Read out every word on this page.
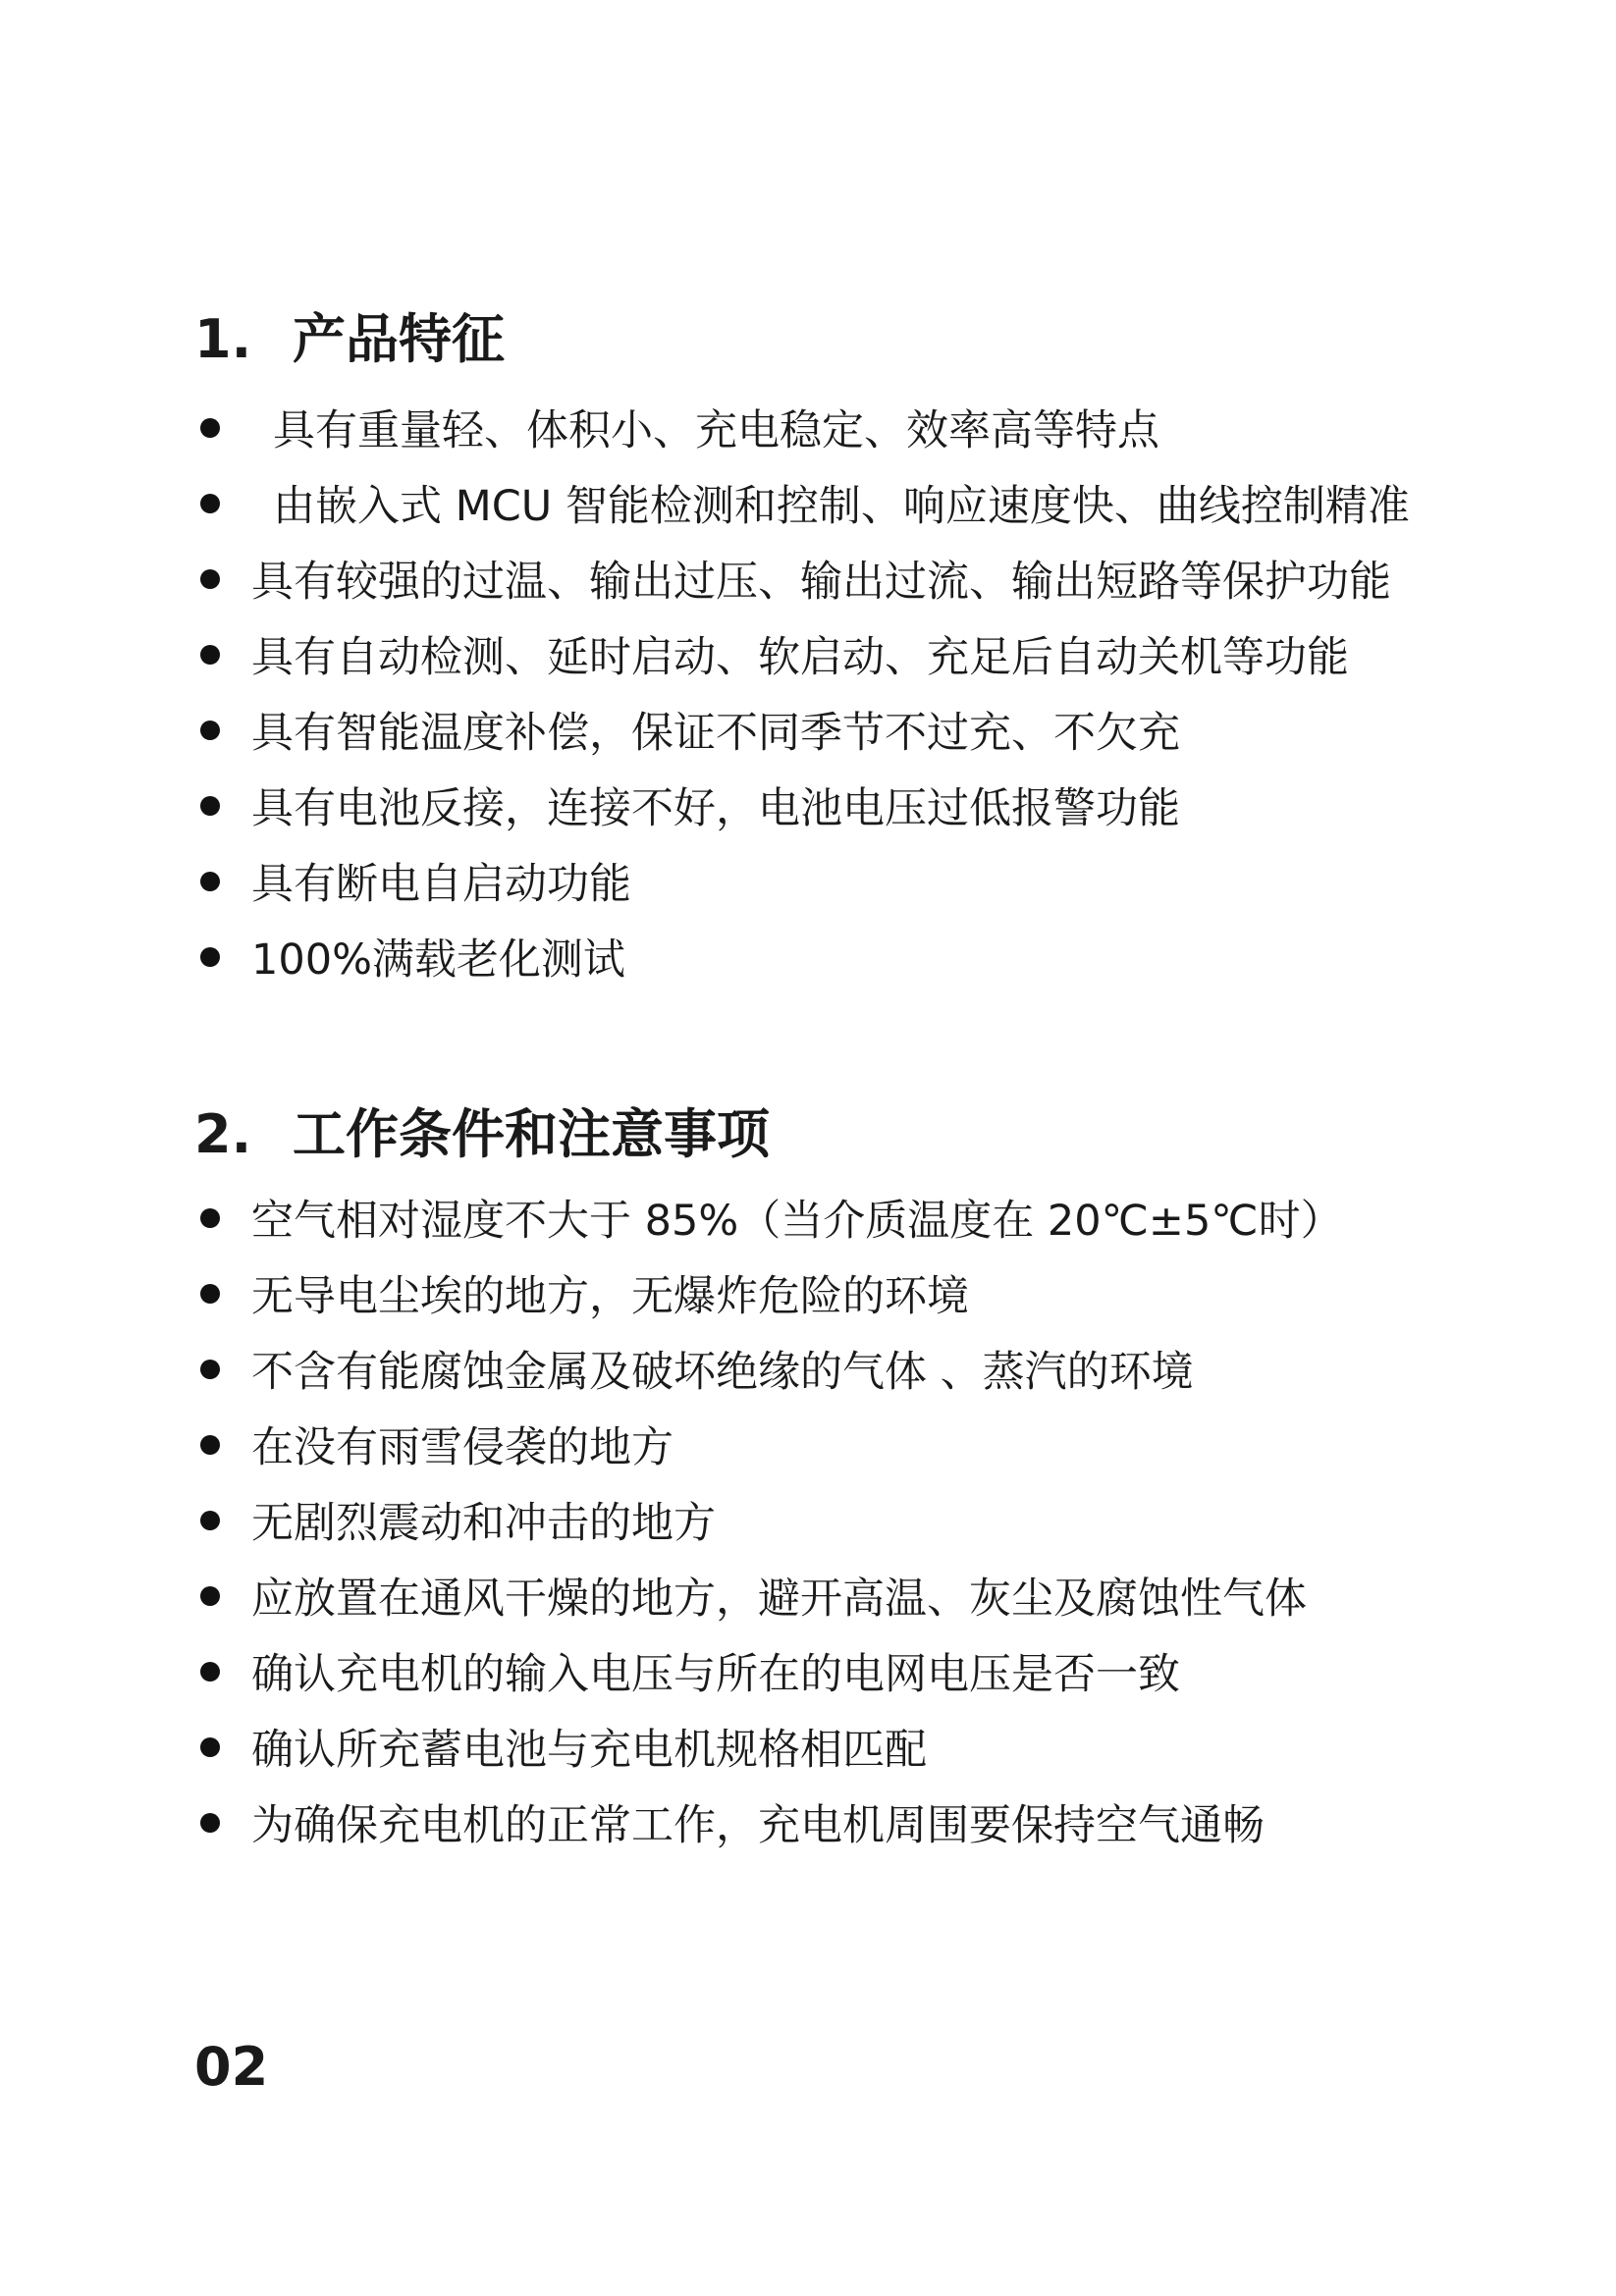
1. 产品特征
具有重量轻、体积小、充电稳定、效率高等特点
由嵌入式 MCU 智能检测和控制、响应速度快、曲线控制精准
具有较强的过温、输出过压、输出过流、输出短路等保护功能
具有自动检测、延时启动、软启动、充足后自动关机等功能
具有智能温度补偿，保证不同季节不过充、不欠充
具有电池反接，连接不好，电池电压过低报警功能
具有断电自启动功能
100%满载老化测试
2. 工作条件和注意事项
空气相对湿度不大于 85%（当介质温度在 20℃±5℃时）
无导电尘埃的地方，无爆炸危险的环境
不含有能腐蚀金属及破坏绝缘的气体 、蒸汽的环境
在没有雨雪侵袭的地方
无剧烈震动和冲击的地方
应放置在通风干燥的地方，避开高温、灰尘及腐蚀性气体
确认充电机的输入电压与所在的电网电压是否一致
确认所充蓄电池与充电机规格相匹配
为确保充电机的正常工作，充电机周围要保持空气通畅
02
